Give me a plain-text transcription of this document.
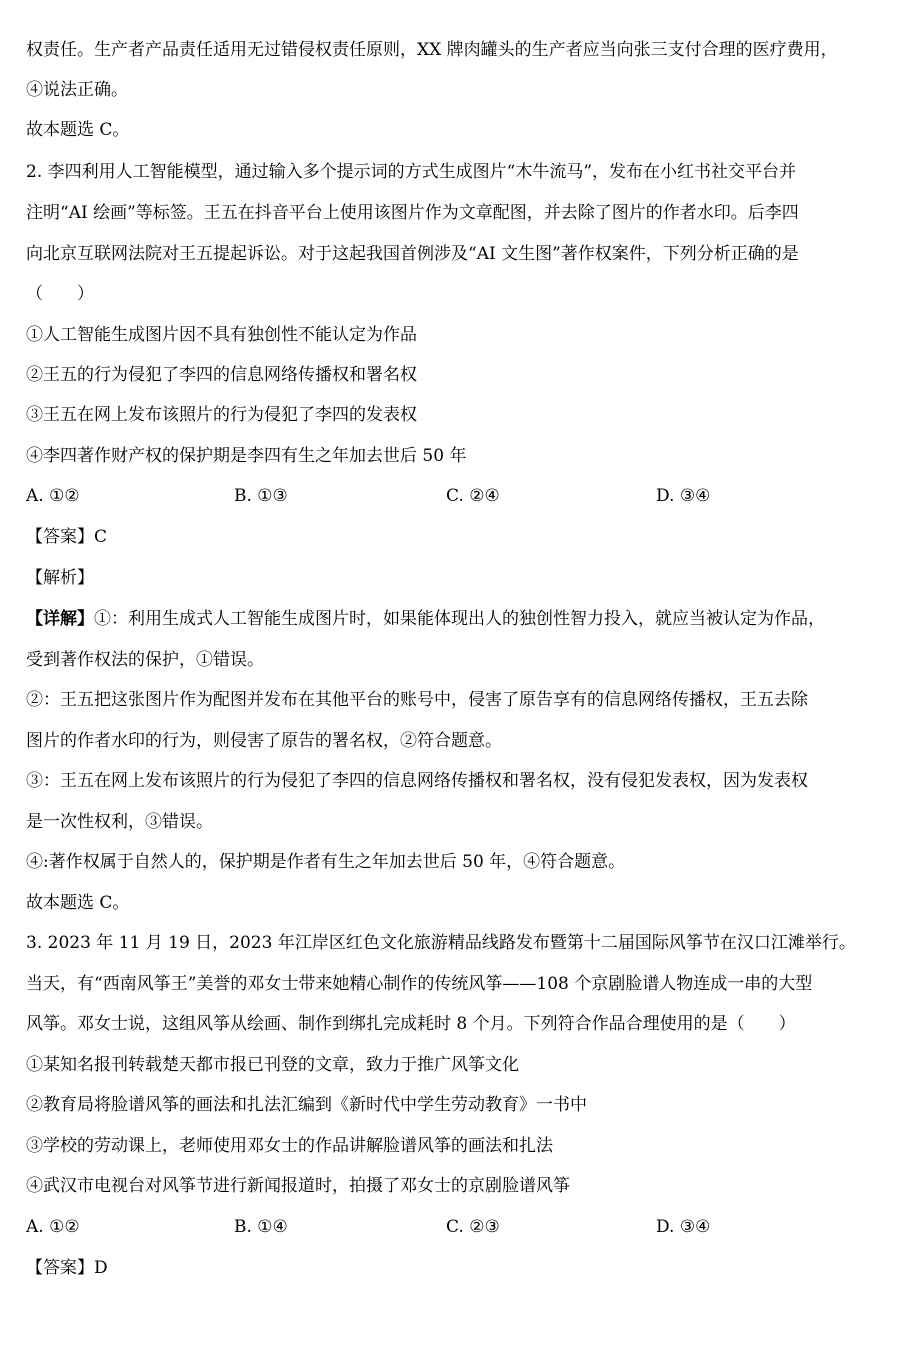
权责任。生产者产品责任适用无过错侵权责任原则，XX 牌肉罐头的生产者应当向张三支付合理的医疗费用，
④说法正确。
故本题选 C。
2. 李四利用人工智能模型，通过输入多个提示词的方式生成图片“木牛流马”，发布在小红书社交平台并
注明“AI 绘画”等标签。王五在抖音平台上使用该图片作为文章配图，并去除了图片的作者水印。后李四
向北京互联网法院对王五提起诉讼。对于这起我国首例涉及“AI 文生图”著作权案件，下列分析正确的是
（　　）
①人工智能生成图片因不具有独创性不能认定为作品
②王五的行为侵犯了李四的信息网络传播权和署名权
③王五在网上发布该照片的行为侵犯了李四的发表权
④李四著作财产权的保护期是李四有生之年加去世后 50 年
A. ①②	B. ①③	C. ②④	D. ③④
【答案】C
【解析】
【详解】①：利用生成式人工智能生成图片时，如果能体现出人的独创性智力投入，就应当被认定为作品，
受到著作权法的保护，①错误。
②：王五把这张图片作为配图并发布在其他平台的账号中，侵害了原告享有的信息网络传播权，王五去除
图片的作者水印的行为，则侵害了原告的署名权，②符合题意。
③：王五在网上发布该照片的行为侵犯了李四的信息网络传播权和署名权，没有侵犯发表权，因为发表权
是一次性权利，③错误。
④:著作权属于自然人的，保护期是作者有生之年加去世后 50 年，④符合题意。
故本题选 C。
3. 2023 年 11 月 19 日，2023 年江岸区红色文化旅游精品线路发布暨第十二届国际风筝节在汉口江滩举行。
当天，有“西南风筝王”美誉的邓女士带来她精心制作的传统风筝——108 个京剧脸谱人物连成一串的大型
风筝。邓女士说，这组风筝从绘画、制作到绑扎完成耗时 8 个月。下列符合作品合理使用的是（　　）
①某知名报刊转载楚天都市报已刊登的文章，致力于推广风筝文化
②教育局将脸谱风筝的画法和扎法汇编到《新时代中学生劳动教育》一书中
③学校的劳动课上，老师使用邓女士的作品讲解脸谱风筝的画法和扎法
④武汉市电视台对风筝节进行新闻报道时，拍摄了邓女士的京剧脸谱风筝
A. ①②	B. ①④	C. ②③	D. ③④
【答案】D
